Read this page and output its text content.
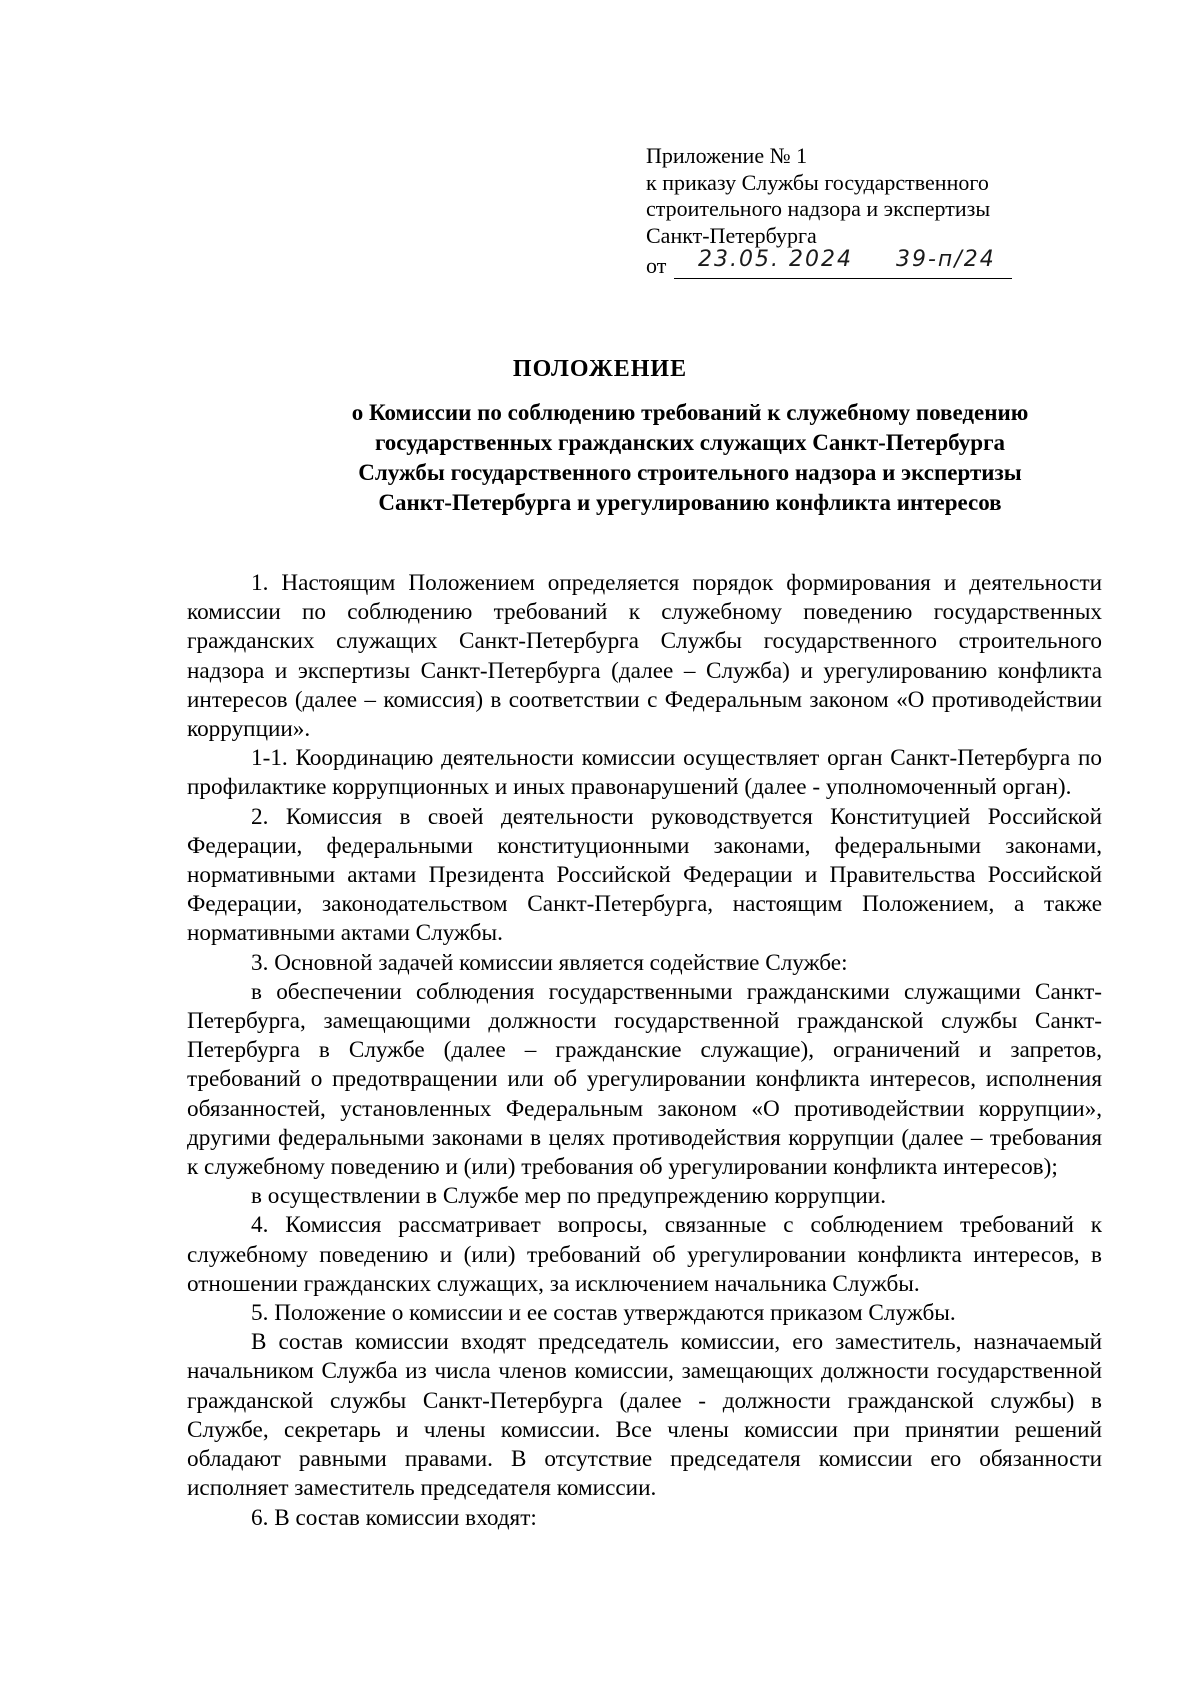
Приложение № 1
к приказу Службы государственного
строительного надзора и экспертизы
Санкт-Петербурга
от 23.05. 2024 39-п/24
ПОЛОЖЕНИЕ
о Комиссии по соблюдению требований к служебному поведению
государственных гражданских служащих Санкт-Петербурга
Службы государственного строительного надзора и экспертизы
Санкт-Петербурга и урегулированию конфликта интересов

1. Настоящим Положением определяется порядок формирования и деятельности комиссии по соблюдению требований к служебному поведению государственных гражданских служащих Санкт-Петербурга Службы государственного строительного надзора и экспертизы Санкт-Петербурга (далее – Служба) и урегулированию конфликта интересов (далее – комиссия) в соответствии с Федеральным законом «О противодействии коррупции».

1-1. Координацию деятельности комиссии осуществляет орган Санкт-Петербурга по профилактике коррупционных и иных правонарушений (далее - уполномоченный орган).

2. Комиссия в своей деятельности руководствуется Конституцией Российской Федерации, федеральными конституционными законами, федеральными законами, нормативными актами Президента Российской Федерации и Правительства Российской Федерации, законодательством Санкт-Петербурга, настоящим Положением, а также нормативными актами Службы.

3. Основной задачей комиссии является содействие Службе:

в обеспечении соблюдения государственными гражданскими служащими Санкт-Петербурга, замещающими должности государственной гражданской службы Санкт-Петербурга в Службе (далее – гражданские служащие), ограничений и запретов, требований о предотвращении или об урегулировании конфликта интересов, исполнения обязанностей, установленных Федеральным законом «О противодействии коррупции», другими федеральными законами в целях противодействия коррупции (далее – требования к служебному поведению и (или) требования об урегулировании конфликта интересов);

в осуществлении в Службе мер по предупреждению коррупции.

4. Комиссия рассматривает вопросы, связанные с соблюдением требований к служебному поведению и (или) требований об урегулировании конфликта интересов, в отношении гражданских служащих, за исключением начальника Службы.

5. Положение о комиссии и ее состав утверждаются приказом Службы.

В состав комиссии входят председатель комиссии, его заместитель, назначаемый начальником Служба из числа членов комиссии, замещающих должности государственной гражданской службы Санкт-Петербурга (далее - должности гражданской службы) в Службе, секретарь и члены комиссии. Все члены комиссии при принятии решений обладают равными правами. В отсутствие председателя комиссии его обязанности исполняет заместитель председателя комиссии.

6. В состав комиссии входят:
